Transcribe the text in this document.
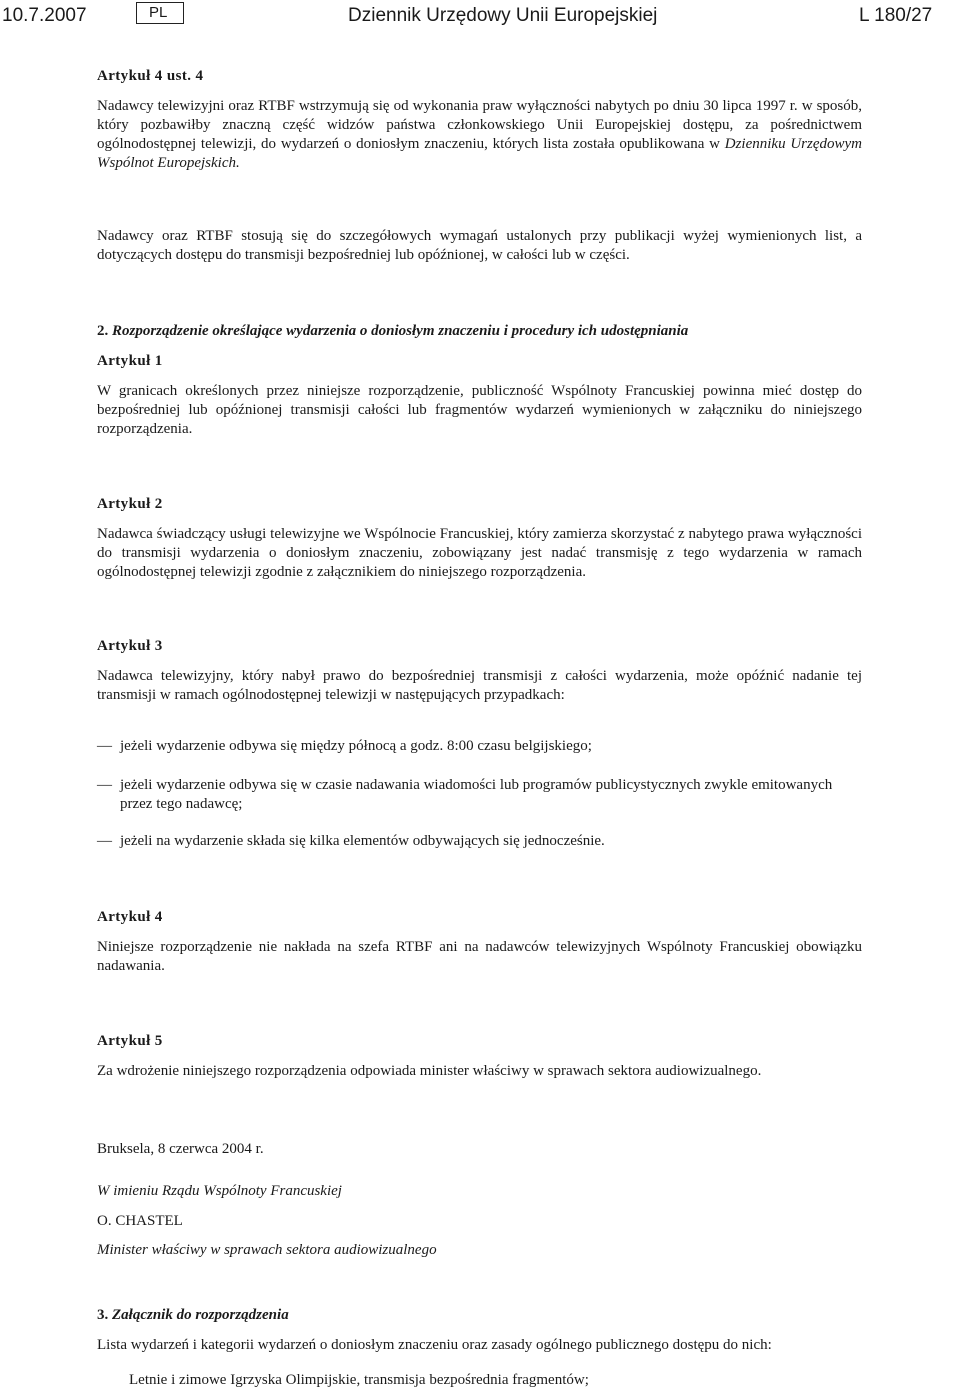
10.7.2007	PL	Dziennik Urzędowy Unii Europejskiej	L 180/27
Artykuł 4 ust. 4
Nadawcy telewizyjni oraz RTBF wstrzymują się od wykonania praw wyłączności nabytych po dniu 30 lipca 1997 r. w sposób, który pozbawiłby znaczną część widzów państwa członkowskiego Unii Europejskiej dostępu, za pośrednictwem ogólnodostępnej telewizji, do wydarzeń o doniosłym znaczeniu, których lista została opublikowana w Dzienniku Urzędowym Wspólnot Europejskich.
Nadawcy oraz RTBF stosują się do szczegółowych wymagań ustalonych przy publikacji wyżej wymienionych list, a dotyczących dostępu do transmisji bezpośredniej lub opóźnionej, w całości lub w części.
2. Rozporządzenie określające wydarzenia o doniosłym znaczeniu i procedury ich udostępniania
Artykuł 1
W granicach określonych przez niniejsze rozporządzenie, publiczność Wspólnoty Francuskiej powinna mieć dostęp do bezpośredniej lub opóźnionej transmisji całości lub fragmentów wydarzeń wymienionych w załączniku do niniejszego rozporządzenia.
Artykuł 2
Nadawca świadczący usługi telewizyjne we Wspólnocie Francuskiej, który zamierza skorzystać z nabytego prawa wyłączności do transmisji wydarzenia o doniosłym znaczeniu, zobowiązany jest nadać transmisję z tego wydarzenia w ramach ogólnodostępnej telewizji zgodnie z załącznikiem do niniejszego rozporządzenia.
Artykuł 3
Nadawca telewizyjny, który nabył prawo do bezpośredniej transmisji z całości wydarzenia, może opóźnić nadanie tej transmisji w ramach ogólnodostępnej telewizji w następujących przypadkach:
— jeżeli wydarzenie odbywa się między północą a godz. 8:00 czasu belgijskiego;
— jeżeli wydarzenie odbywa się w czasie nadawania wiadomości lub programów publicystycznych zwykle emitowanych przez tego nadawcę;
— jeżeli na wydarzenie składa się kilka elementów odbywających się jednocześnie.
Artykuł 4
Niniejsze rozporządzenie nie nakłada na szefa RTBF ani na nadawców telewizyjnych Wspólnoty Francuskiej obowiązku nadawania.
Artykuł 5
Za wdrożenie niniejszego rozporządzenia odpowiada minister właściwy w sprawach sektora audiowizualnego.
Bruksela, 8 czerwca 2004 r.
W imieniu Rządu Wspólnoty Francuskiej
O. CHASTEL
Minister właściwy w sprawach sektora audiowizualnego
3. Załącznik do rozporządzenia
Lista wydarzeń i kategorii wydarzeń o doniosłym znaczeniu oraz zasady ogólnego publicznego dostępu do nich:
Letnie i zimowe Igrzyska Olimpijskie, transmisja bezpośrednia fragmentów;
